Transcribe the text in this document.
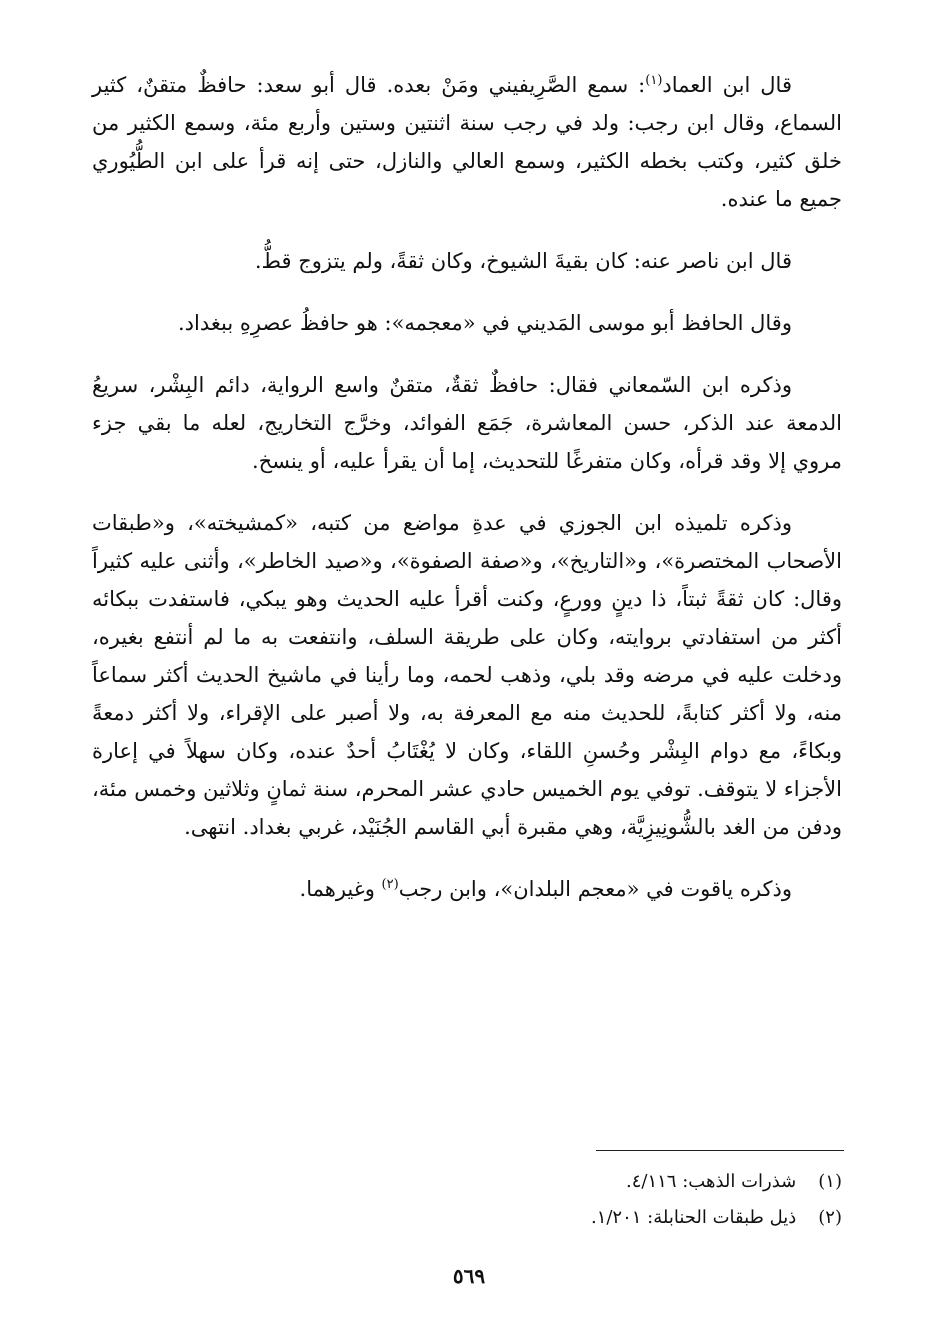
قال ابن العماد$^{(١)}$: سمع الصَّرِيفيني ومَنْ بعده. قال أبو سعد: حافظٌ متقنٌ، كثير السماع، وقال ابن رجب: ولد في رجب سنة اثنتين وستين وأربع مئة، وسمع الكثير من خلق كثير، وكتب بخطه الكثير، وسمع العالي والنازل، حتى إنه قرأ على ابن الطُّيُوري جميع ما عنده.

قال ابن ناصر عنه: كان بقيةَ الشيوخ، وكان ثقةً، ولم يتزوج قطُّ.

وقال الحافظ أبو موسى المَديني في «معجمه»: هو حافظُ عصرِهِ ببغداد.

وذكره ابن السّمعاني فقال: حافظٌ ثقةٌ، متقنٌ واسع الرواية، دائم البِشْر، سريعُ الدمعة عند الذكر، حسن المعاشرة، جَمَع الفوائد، وخرَّج التخاريج، لعله ما بقي جزء مروي إلا وقد قرأه، وكان متفرغًا للتحديث، إما أن يقرأ عليه، أو ينسخ.

وذكره تلميذه ابن الجوزي في عدةِ مواضع من كتبه، «كمشيخته»، و«طبقات الأصحاب المختصرة»، و«التاريخ»، و«صفة الصفوة»، و«صيد الخاطر»، وأثنى عليه كثيراً وقال: كان ثقةً ثبتاً، ذا دينٍ وورعٍ، وكنت أقرأ عليه الحديث وهو يبكي، فاستفدت ببكائه أكثر من استفادتي بروايته، وكان على طريقة السلف، وانتفعت به ما لم أنتفع بغيره، ودخلت عليه في مرضه وقد بلي، وذهب لحمه، وما رأينا في ماشيخ الحديث أكثر سماعاً منه، ولا أكثر كتابةً، للحديث منه مع المعرفة به، ولا أصبر على الإقراء، ولا أكثر دمعةً وبكاءً، مع دوام البِشْر وحُسنِ اللقاء، وكان لا يُغْتَابُ أحدٌ عنده، وكان سهلاً في إعارة الأجزاء لا يتوقف. توفي يوم الخميس حادي عشر المحرم، سنة ثمانٍ وثلاثين وخمس مئة، ودفن من الغد بالشُّونِيزِيَّة، وهي مقبرة أبي القاسم الجُنَيْد، غربي بغداد. انتهى.

وذكره ياقوت في «معجم البلدان»، وابن رجب$^{(٢)}$ وغيرهما.

(١) شذرات الذهب: ٤/١١٦.
(٢) ذيل طبقات الحنابلة: ١/٢٠١.
٥٦٩
